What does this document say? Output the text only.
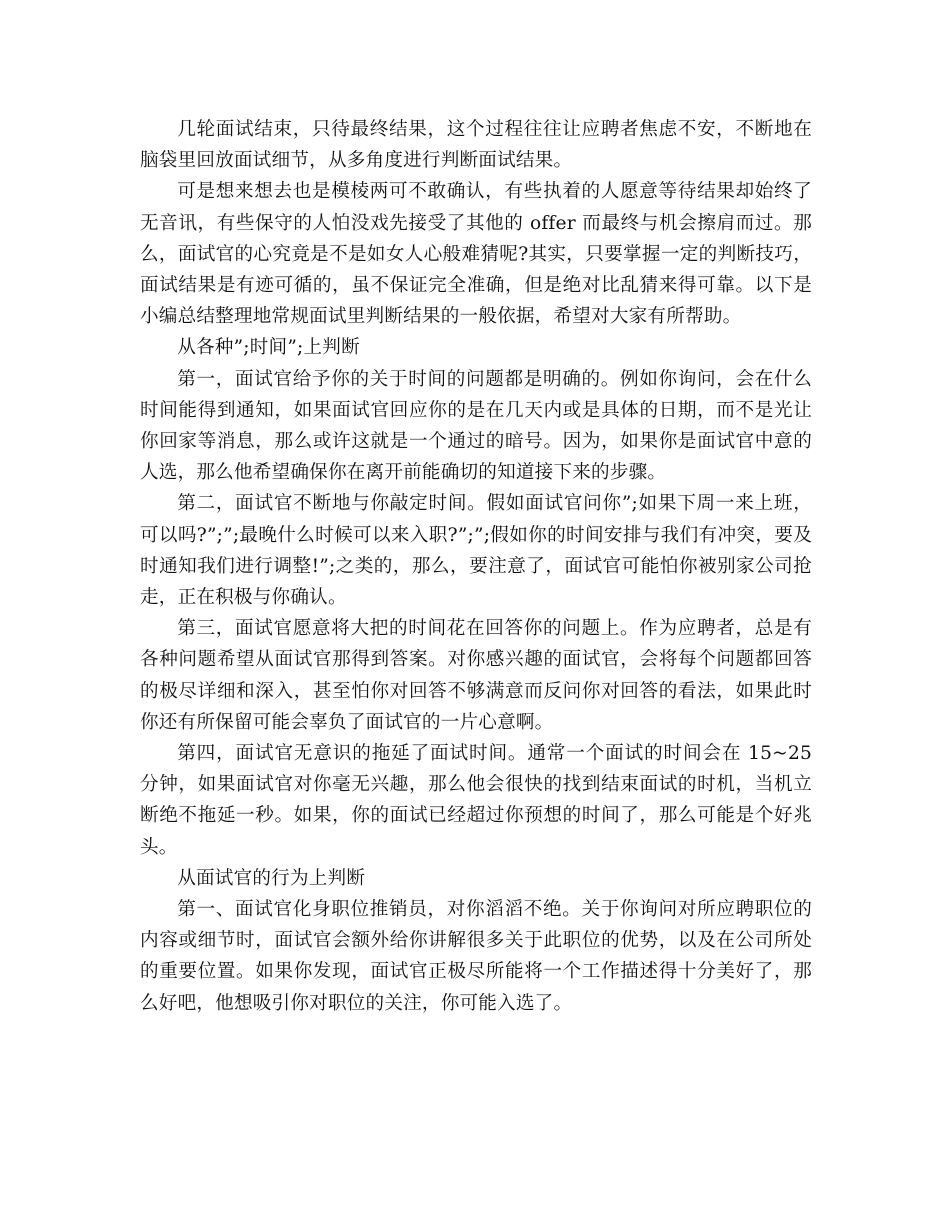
几轮面试结束，只待最终结果，这个过程往往让应聘者焦虑不安，不断地在脑袋里回放面试细节，从多角度进行判断面试结果。

可是想来想去也是模棱两可不敢确认，有些执着的人愿意等待结果却始终了无音讯，有些保守的人怕没戏先接受了其他的 offer 而最终与机会擦肩而过。那么，面试官的心究竟是不是如女人心般难猜呢?其实，只要掌握一定的判断技巧，面试结果是有迹可循的，虽不保证完全准确，但是绝对比乱猜来得可靠。以下是小编总结整理地常规面试里判断结果的一般依据，希望对大家有所帮助。

从各种”;时间”;上判断

第一，面试官给予你的关于时间的问题都是明确的。例如你询问，会在什么时间能得到通知，如果面试官回应你的是在几天内或是具体的日期，而不是光让你回家等消息，那么或许这就是一个通过的暗号。因为，如果你是面试官中意的人选，那么他希望确保你在离开前能确切的知道接下来的步骤。

第二，面试官不断地与你敲定时间。假如面试官问你”;如果下周一来上班，可以吗?”;”;最晚什么时候可以来入职?”;”;假如你的时间安排与我们有冲突，要及时通知我们进行调整!”;之类的，那么，要注意了，面试官可能怕你被别家公司抢走，正在积极与你确认。

第三，面试官愿意将大把的时间花在回答你的问题上。作为应聘者，总是有各种问题希望从面试官那得到答案。对你感兴趣的面试官，会将每个问题都回答的极尽详细和深入，甚至怕你对回答不够满意而反问你对回答的看法，如果此时你还有所保留可能会辜负了面试官的一片心意啊。

第四，面试官无意识的拖延了面试时间。通常一个面试的时间会在 15~25 分钟，如果面试官对你毫无兴趣，那么他会很快的找到结束面试的时机，当机立断绝不拖延一秒。如果，你的面试已经超过你预想的时间了，那么可能是个好兆头。

从面试官的行为上判断

第一、面试官化身职位推销员，对你滔滔不绝。关于你询问对所应聘职位的内容或细节时，面试官会额外给你讲解很多关于此职位的优势，以及在公司所处的重要位置。如果你发现，面试官正极尽所能将一个工作描述得十分美好了，那么好吧，他想吸引你对职位的关注，你可能入选了。
